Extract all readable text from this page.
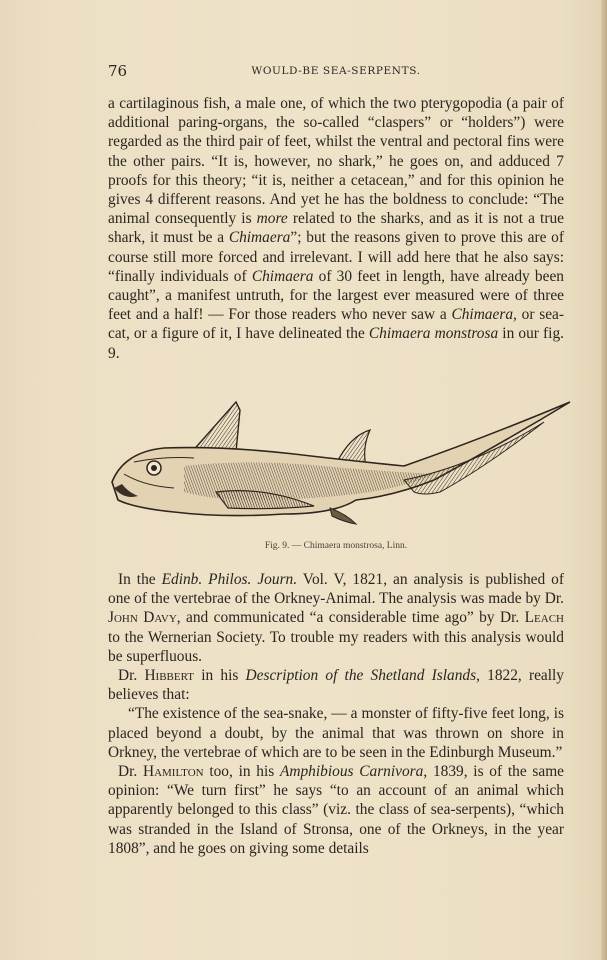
76	WOULD-BE SEA-SERPENTS.

a cartilaginous fish, a male one, of which the two pterygopodia (a pair of additional paring-organs, the so-called “claspers” or “holders”) were regarded as the third pair of feet, whilst the ventral and pectoral fins were the other pairs. “It is, however, no shark,” he goes on, and adduced 7 proofs for this theory; “it is, neither a cetacean,” and for this opinion he gives 4 different reasons. And yet he has the boldness to conclude: “The animal consequently is more related to the sharks, and as it is not a true shark, it must be a Chimaera”; but the reasons given to prove this are of course still more forced and irrelevant. I will add here that he also says: “finally individuals of Chimaera of 30 feet in length, have already been caught”, a manifest untruth, for the largest ever measured were of three feet and a half! — For those readers who never saw a Chimaera, or sea-cat, or a figure of it, I have delineated the Chimaera monstrosa in our fig. 9.

Fig. 9. — Chimaera monstrosa, Linn.

In the Edinb. Philos. Journ. Vol. V, 1821, an analysis is published of one of the vertebrae of the Orkney-Animal. The analysis was made by Dr. John Davy, and communicated “a considerable time ago” by Dr. Leach to the Wernerian Society. To trouble my readers with this analysis would be superfluous.

Dr. Hibbert in his Description of the Shetland Islands, 1822, really believes that:

“The existence of the sea-snake, — a monster of fifty-five feet long, is placed beyond a doubt, by the animal that was thrown on shore in Orkney, the vertebrae of which are to be seen in the Edinburgh Museum.”

Dr. Hamilton too, in his Amphibious Carnivora, 1839, is of the same opinion: “We turn first” he says “to an account of an animal which apparently belonged to this class” (viz. the class of sea-serpents), “which was stranded in the Island of Stronsa, one of the Orkneys, in the year 1808”, and he goes on giving some details
